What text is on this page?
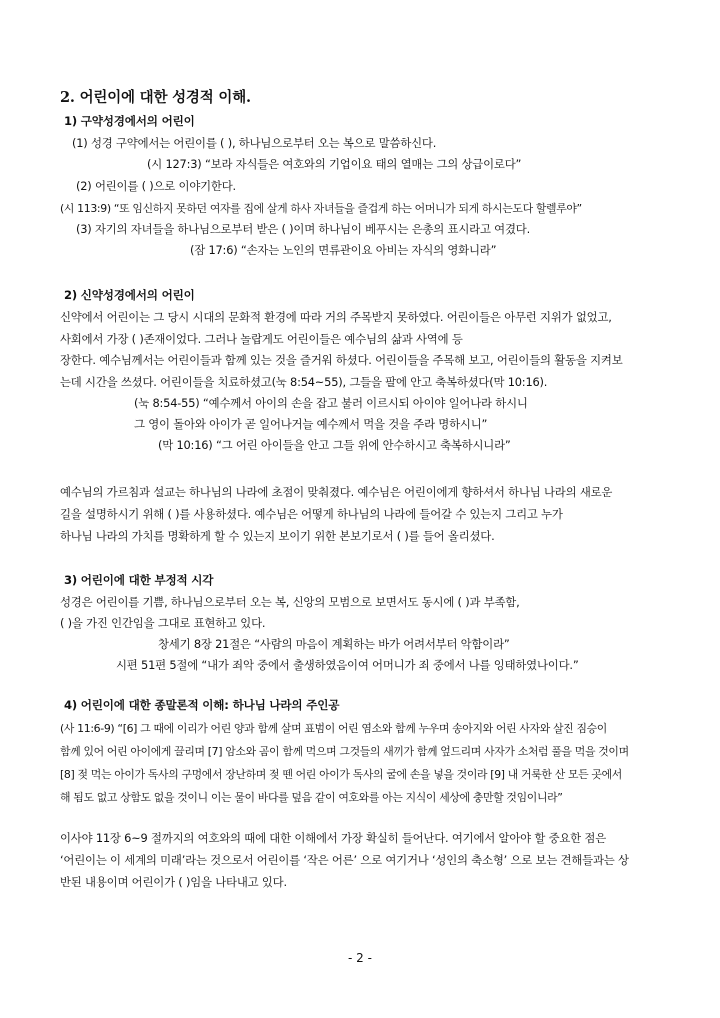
2. 어린이에 대한 성경적 이해.
1) 구약성경에서의 어린이
(1) 성경 구약에서는 어린이를 ( ), 하나님으로부터 오는 복으로 말씀하신다.
(시 127:3) “보라 자식들은 여호와의 기업이요 태의 열매는 그의 상급이로다”
(2) 어린이를 ( )으로 이야기한다.
(시 113:9) “또 임신하지 못하던 여자를 집에 살게 하사 자녀들을 즐겁게 하는 어머니가 되게 하시는도다 할렐루야”
(3) 자기의 자녀들을 하나님으로부터 받은 ( )이며 하나님이 베푸시는 은총의 표시라고 여겼다.
(잠 17:6) “손자는 노인의 면류관이요 아비는 자식의 영화니라”
2) 신약성경에서의 어린이
신약에서 어린이는 그 당시 시대의 문화적 환경에 따라 거의 주목받지 못하였다. 어린이들은 아무런 지위가 없었고,
사회에서 가장 ( )존재이었다. 그러나 놀랍게도 어린이들은 예수님의 삶과 사역에 등
장한다. 예수님께서는 어린이들과 함께 있는 것을 즐거워 하셨다. 어린이들을 주목해 보고, 어린이들의 활동을 지켜보
는데 시간을 쓰셨다. 어린이들을 치료하셨고(눅 8:54~55), 그들을 팔에 안고 축복하셨다(막 10:16).
(눅 8:54-55) “예수께서 아이의 손을 잡고 불러 이르시되 아이야 일어나라 하시니
그 영이 돌아와 아이가 곧 일어나거늘 예수께서 먹을 것을 주라 명하시니”
(막 10:16) “그 어린 아이들을 안고 그들 위에 안수하시고 축복하시니라”
예수님의 가르침과 설교는 하나님의 나라에 초점이 맞춰졌다. 예수님은 어린이에게 향하셔서 하나님 나라의 새로운
길을 설명하시기 위해 ( )를 사용하셨다. 예수님은 어떻게 하나님의 나라에 들어갈 수 있는지 그리고 누가
하나님 나라의 가치를 명확하게 할 수 있는지 보이기 위한 본보기로서 ( )를 들어 올리셨다.
3) 어린이에 대한 부정적 시각
성경은 어린이를 기쁨, 하나님으로부터 오는 복, 신앙의 모범으로 보면서도 동시에 ( )과 부족함,
( )을 가진 인간임을 그대로 표현하고 있다.
창세기 8장 21절은 “사람의 마음이 계획하는 바가 어려서부터 악함이라”
시편 51편 5절에 “내가 죄악 중에서 출생하였음이여 어머니가 죄 중에서 나를 잉태하였나이다.”
4) 어린이에 대한 종말론적 이해: 하나님 나라의 주인공
(사 11:6-9) “[6] 그 때에 이리가 어린 양과 함께 살며 표범이 어린 염소와 함께 누우며 송아지와 어린 사자와 살진 짐승이
함께 있어 어린 아이에게 끌리며 [7] 암소와 곰이 함께 먹으며 그것들의 새끼가 함께 엎드리며 사자가 소처럼 풀을 먹을 것이며
[8] 젖 먹는 아이가 독사의 구멍에서 장난하며 젖 뗀 어린 아이가 독사의 굴에 손을 넣을 것이라 [9] 내 거룩한 산 모든 곳에서
해 됨도 없고 상함도 없을 것이니 이는 물이 바다를 덮음 같이 여호와를 아는 지식이 세상에 충만할 것임이니라”
이사야 11장 6~9 절까지의 여호와의 때에 대한 이해에서 가장 확실히 들어난다. 여기에서 알아야 할 중요한 점은
‘어린이는 이 세계의 미래’라는 것으로서 어린이를 ‘작은 어른’ 으로 여기거나 ‘성인의 축소형’ 으로 보는 견해들과는 상
반된 내용이며 어린이가 ( )임을 나타내고 있다.
- 2 -
